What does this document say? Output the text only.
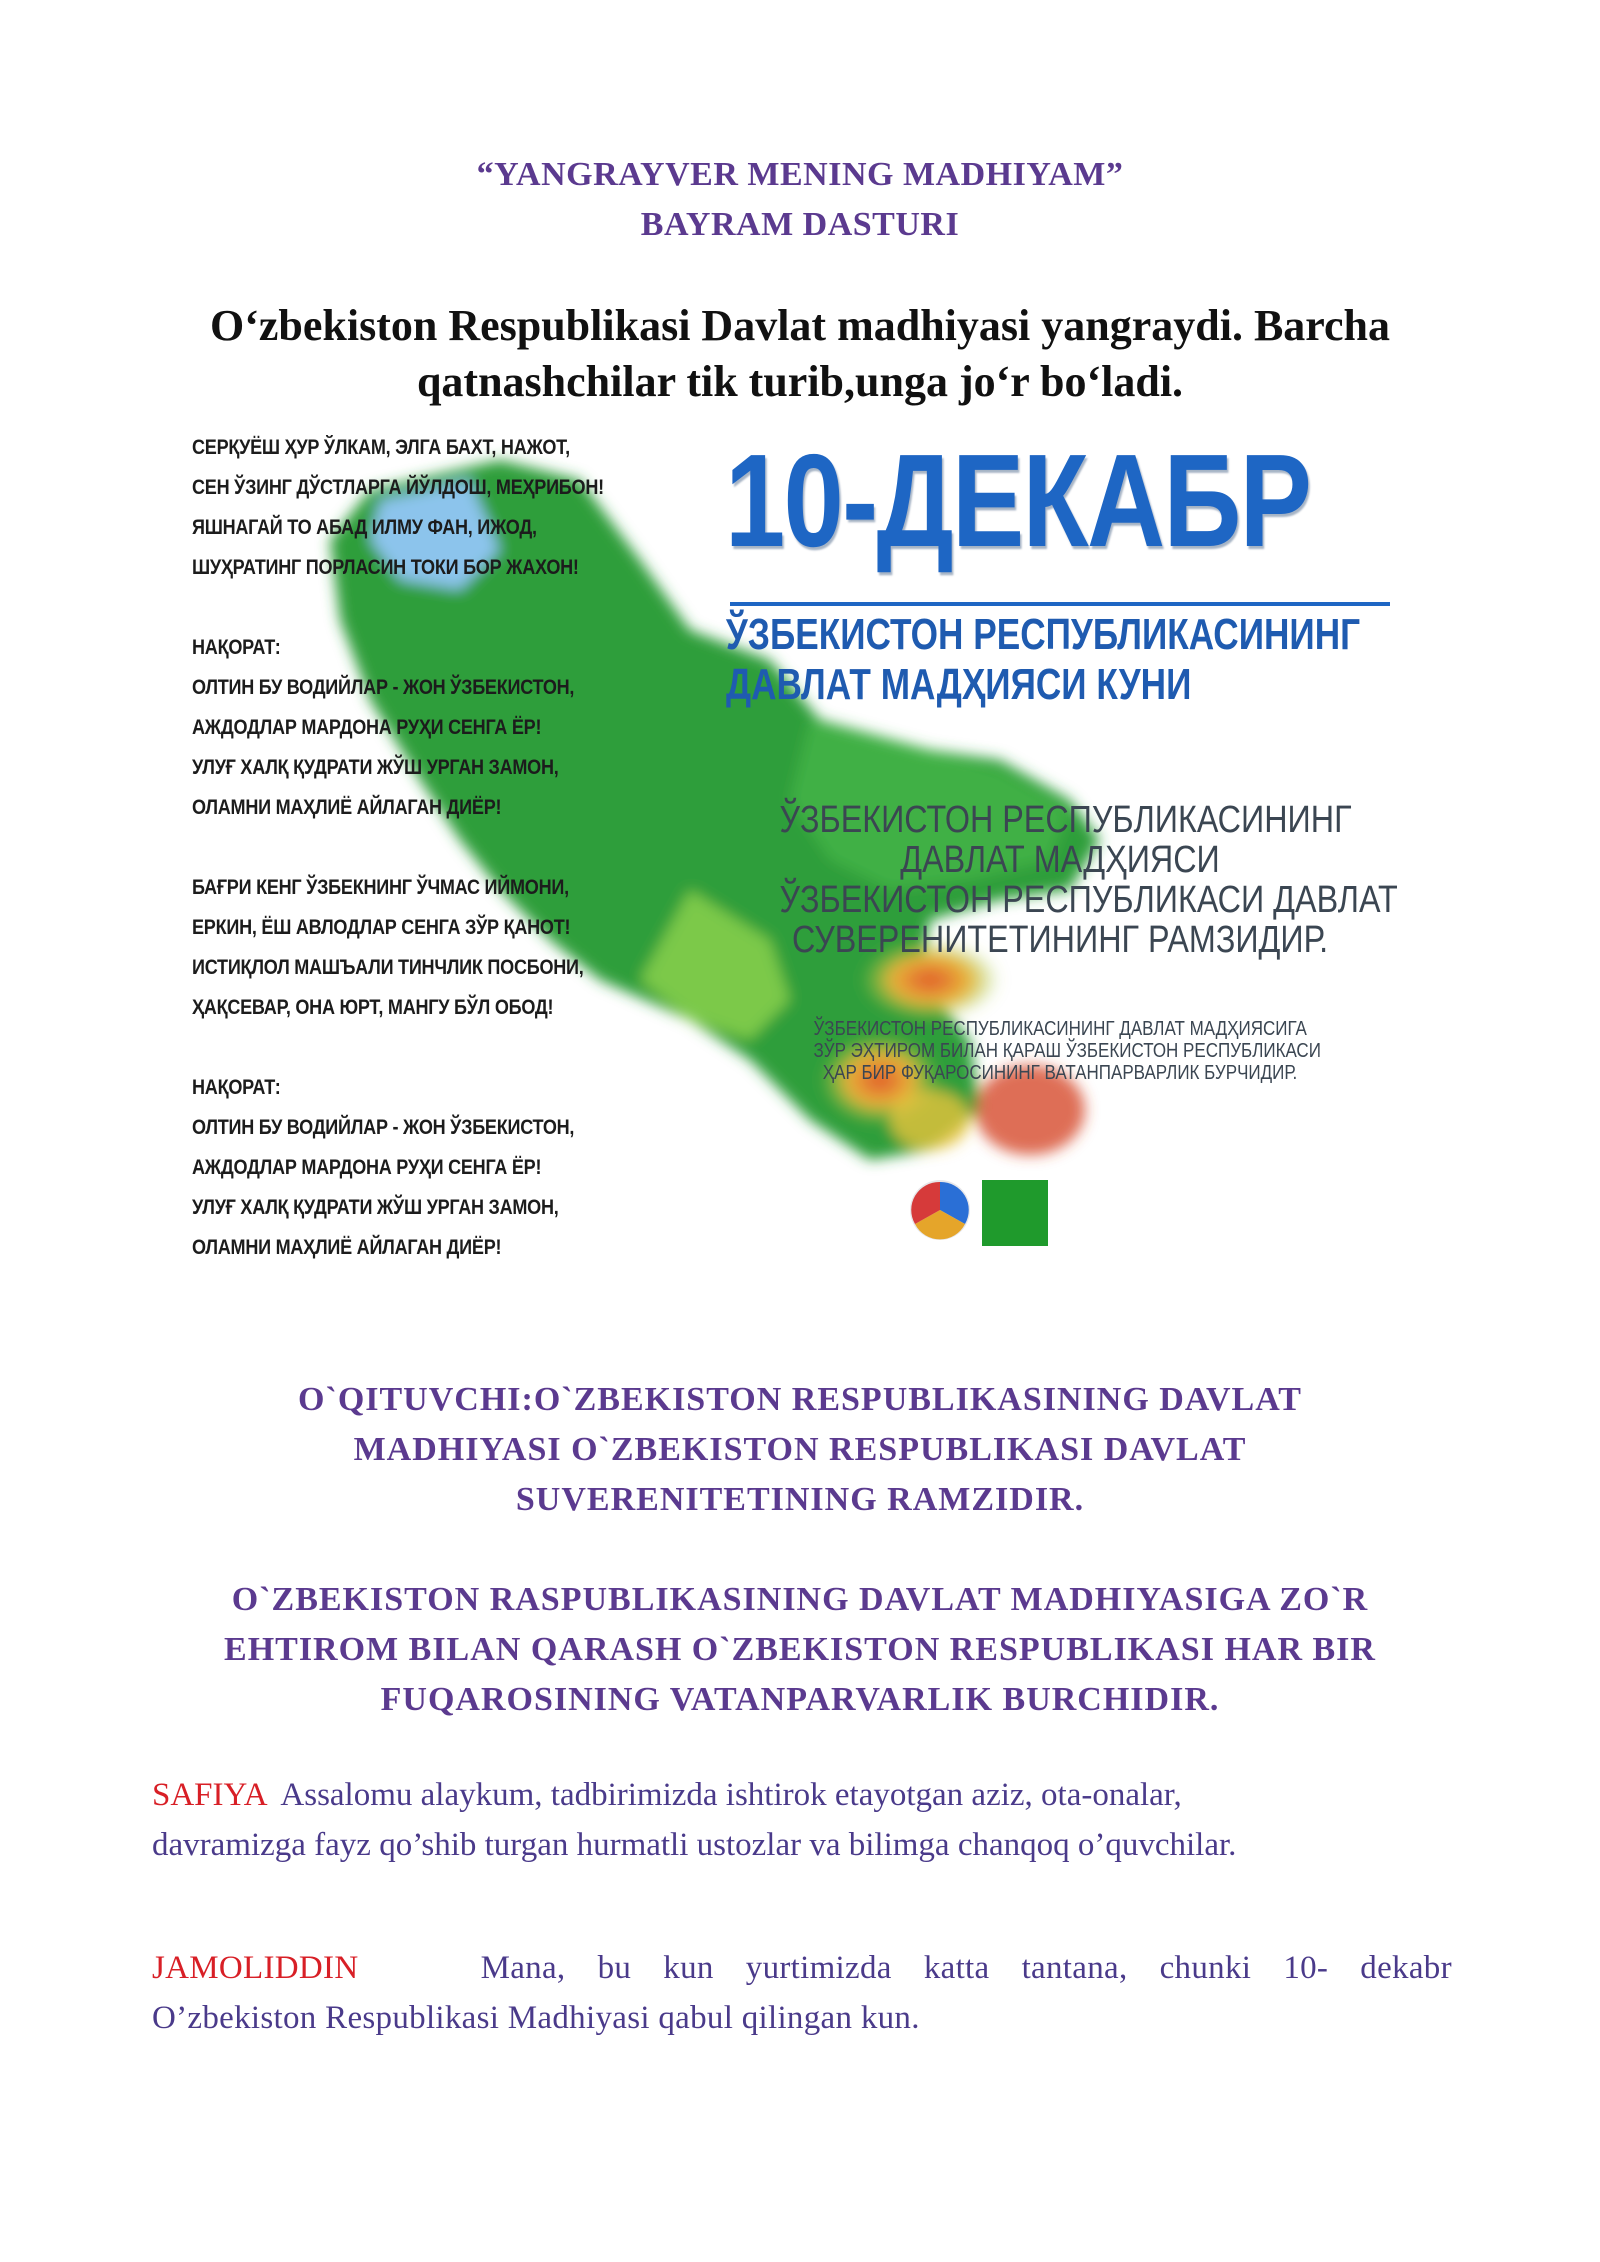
“YANGRAYVER MENING MADHIYAM”
BAYRAM DASTURI
O‘zbekiston Respublikasi Davlat madhiyasi yangraydi. Barcha
qatnashchilar tik turib,unga jo‘r bo‘ladi.
СЕРҚУЁШ ҲУР ЎЛКАМ, ЭЛГА БАХТ, НАЖОТ,
СЕН ЎЗИНГ ДЎСТЛАРГА ЙЎЛДОШ, МЕҲРИБОН!
ЯШНАГАЙ ТО АБАД ИЛМУ ФАН, ИЖОД,
ШУҲРАТИНГ ПОРЛАСИН ТОКИ БОР ЖАХОН!
НАҚОРАТ:
ОЛТИН БУ ВОДИЙЛАР - ЖОН ЎЗБЕКИСТОН,
АЖДОДЛАР МАРДОНА РУҲИ СЕНГА ЁР!
УЛУҒ ХАЛҚ ҚУДРАТИ ЖЎШ УРГАН ЗАМОН,
ОЛАМНИ МАҲЛИЁ АЙЛАГАН ДИЁР!
БАҒРИ КЕНГ ЎЗБЕКНИНГ ЎЧМАС ИЙМОНИ,
ЕРКИН, ЁШ АВЛОДЛАР СЕНГА ЗЎР ҚАНОТ!
ИСТИҚЛОЛ МАШЪАЛИ ТИНЧЛИК ПОСБОНИ,
ҲАҚСЕВАР, ОНА ЮРТ, МАНГУ БЎЛ ОБОД!
НАҚОРАТ:
ОЛТИН БУ ВОДИЙЛАР - ЖОН ЎЗБЕКИСТОН,
АЖДОДЛАР МАРДОНА РУҲИ СЕНГА ЁР!
УЛУҒ ХАЛҚ ҚУДРАТИ ЖЎШ УРГАН ЗАМОН,
ОЛАМНИ МАҲЛИЁ АЙЛАГАН ДИЁР!
10-ДЕКАБР
ЎЗБЕКИСТОН РЕСПУБЛИКАСИНИНГ
ДАВЛАТ МАДҲИЯСИ КУНИ
ЎЗБЕКИСТОН РЕСПУБЛИКАСИНИНГ
ДАВЛАТ МАДҲИЯСИ
ЎЗБЕКИСТОН РЕСПУБЛИКАСИ ДАВЛАТ
СУВЕРЕНИТЕТИНИНГ РАМЗИДИР.
ЎЗБЕКИСТОН РЕСПУБЛИКАСИНИНГ ДАВЛАТ МАДҲИЯСИГА
ЗЎР ЭҲТИРОМ БИЛАН ҚАРАШ ЎЗБЕКИСТОН РЕСПУБЛИКАСИ
ҲАР БИР ФУҚАРОСИНИНГ ВАТАНПАРВАРЛИК БУРЧИДИР.

O`QITUVCHI:O`ZBEKISTON RESPUBLIKASINING DAVLAT
MADHIYASI O`ZBEKISTON RESPUBLIKASI DAVLAT
SUVERENITETINING RAMZIDIR.

O`ZBEKISTON RASPUBLIKASINING DAVLAT MADHIYASIGA ZO`R
EHTIROM BILAN QARASH O`ZBEKISTON RESPUBLIKASI HAR BIR
FUQAROSINING VATANPARVARLIK BURCHIDIR.

SAFIYA  Assalomu alaykum, tadbirimizda ishtirok etayotgan aziz, ota-onalar,
davramizga fayz qo’shib turgan hurmatli ustozlar va bilimga chanqoq o’quvchilar.
JAMOLIDDIN	Mana, bu kun yurtimizda katta tantana, chunki 10- dekabr
O’zbekiston Respublikasi Madhiyasi qabul qilingan kun.
